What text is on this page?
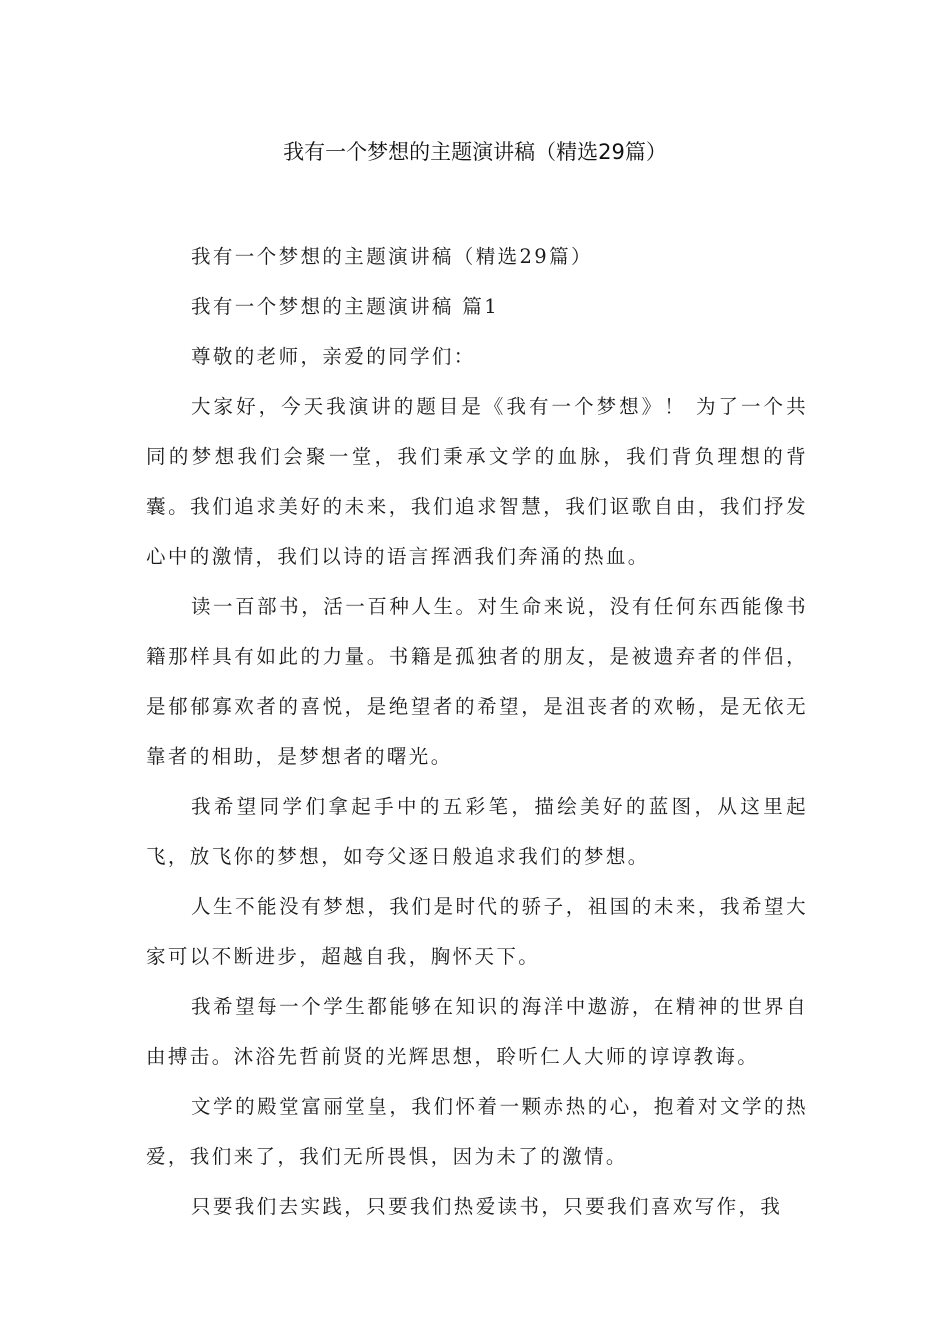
我有一个梦想的主题演讲稿（精选29篇）

我有一个梦想的主题演讲稿（精选29篇）

我有一个梦想的主题演讲稿 篇1

尊敬的老师，亲爱的同学们：

大家好，今天我演讲的题目是《我有一个梦想》！ 为了一个共同的梦想我们会聚一堂，我们秉承文学的血脉，我们背负理想的背囊。我们追求美好的未来，我们追求智慧，我们讴歌自由，我们抒发心中的激情，我们以诗的语言挥洒我们奔涌的热血。

读一百部书，活一百种人生。对生命来说，没有任何东西能像书籍那样具有如此的力量。书籍是孤独者的朋友，是被遗弃者的伴侣，是郁郁寡欢者的喜悦，是绝望者的希望，是沮丧者的欢畅，是无依无靠者的相助，是梦想者的曙光。

我希望同学们拿起手中的五彩笔，描绘美好的蓝图，从这里起飞，放飞你的梦想，如夸父逐日般追求我们的梦想。

人生不能没有梦想，我们是时代的骄子，祖国的未来，我希望大家可以不断进步，超越自我，胸怀天下。

我希望每一个学生都能够在知识的海洋中遨游，在精神的世界自由搏击。沐浴先哲前贤的光辉思想，聆听仁人大师的谆谆教诲。

文学的殿堂富丽堂皇，我们怀着一颗赤热的心，抱着对文学的热爱，我们来了，我们无所畏惧，因为未了的激情。

只要我们去实践，只要我们热爱读书，只要我们喜欢写作，我
